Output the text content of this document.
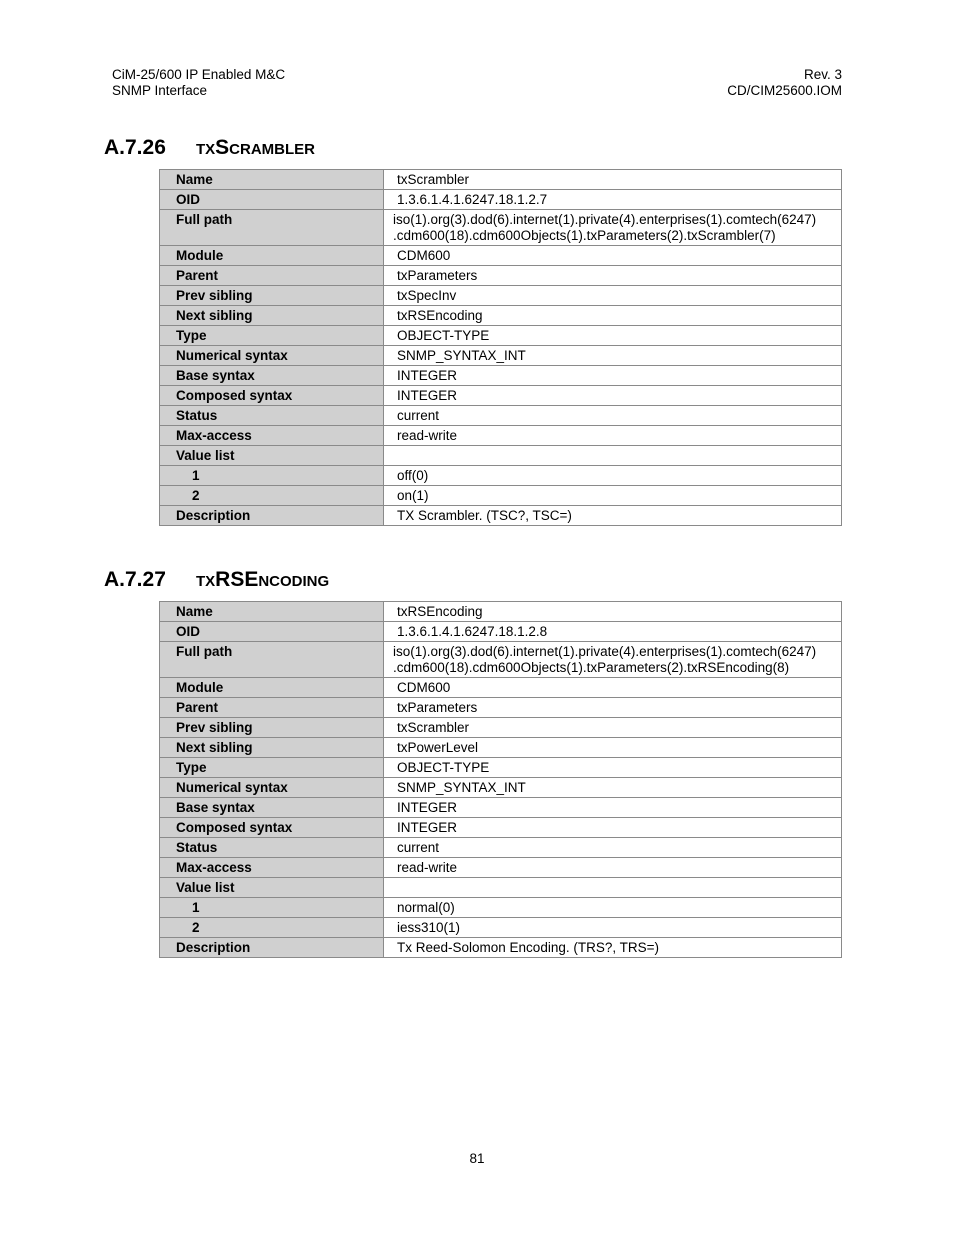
CiM-25/600 IP Enabled M&C
SNMP Interface
Rev. 3
CD/CIM25600.IOM
A.7.26 txScrambler
Name	txScrambler
OID	1.3.6.1.4.1.6247.18.1.2.7
Full path	iso(1).org(3).dod(6).internet(1).private(4).enterprises(1).comtech(6247) .cdm600(18).cdm600Objects(1).txParameters(2).txScrambler(7)
Module	CDM600
Parent	txParameters
Prev sibling	txSpecInv
Next sibling	txRSEncoding
Type	OBJECT-TYPE
Numerical syntax	SNMP_SYNTAX_INT
Base syntax	INTEGER
Composed syntax	INTEGER
Status	current
Max-access	read-write
Value list	
1	off(0)
2	on(1)
Description	TX Scrambler. (TSC?, TSC=)
A.7.27 txRSEncoding
Name	txRSEncoding
OID	1.3.6.1.4.1.6247.18.1.2.8
Full path	iso(1).org(3).dod(6).internet(1).private(4).enterprises(1).comtech(6247) .cdm600(18).cdm600Objects(1).txParameters(2).txRSEncoding(8)
Module	CDM600
Parent	txParameters
Prev sibling	txScrambler
Next sibling	txPowerLevel
Type	OBJECT-TYPE
Numerical syntax	SNMP_SYNTAX_INT
Base syntax	INTEGER
Composed syntax	INTEGER
Status	current
Max-access	read-write
Value list	
1	normal(0)
2	iess310(1)
Description	Tx Reed-Solomon Encoding. (TRS?, TRS=)
81
